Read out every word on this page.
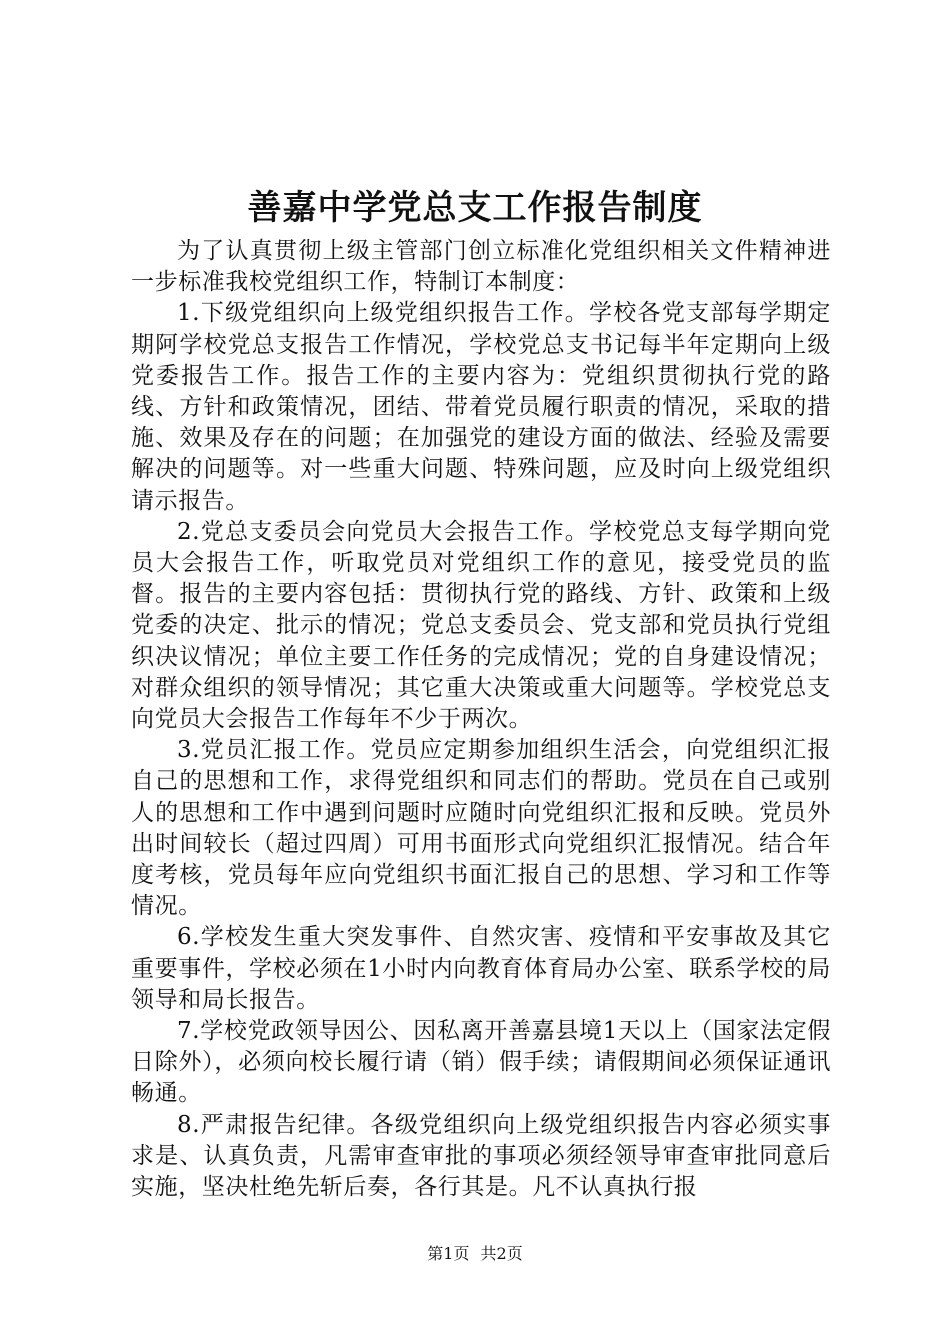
善嘉中学党总支工作报告制度

为了认真贯彻上级主管部门创立标准化党组织相关文件精神进一步标准我校党组织工作，特制订本制度：

1.下级党组织向上级党组织报告工作。学校各党支部每学期定期阿学校党总支报告工作情况，学校党总支书记每半年定期向上级党委报告工作。报告工作的主要内容为：党组织贯彻执行党的路线、方针和政策情况，团结、带着党员履行职责的情况，采取的措施、效果及存在的问题；在加强党的建设方面的做法、经验及需要解决的问题等。对一些重大问题、特殊问题，应及时向上级党组织请示报告。

2.党总支委员会向党员大会报告工作。学校党总支每学期向党员大会报告工作，听取党员对党组织工作的意见，接受党员的监督。报告的主要内容包括：贯彻执行党的路线、方针、政策和上级党委的决定、批示的情况；党总支委员会、党支部和党员执行党组织决议情况；单位主要工作任务的完成情况；党的自身建设情况；对群众组织的领导情况；其它重大决策或重大问题等。学校党总支向党员大会报告工作每年不少于两次。

3.党员汇报工作。党员应定期参加组织生活会，向党组织汇报自己的思想和工作，求得党组织和同志们的帮助。党员在自己或别人的思想和工作中遇到问题时应随时向党组织汇报和反映。党员外出时间较长（超过四周）可用书面形式向党组织汇报情况。结合年度考核，党员每年应向党组织书面汇报自己的思想、学习和工作等情况。

6.学校发生重大突发事件、自然灾害、疫情和平安事故及其它重要事件，学校必须在1小时内向教育体育局办公室、联系学校的局领导和局长报告。

7.学校党政领导因公、因私离开善嘉县境1天以上（国家法定假日除外），必须向校长履行请（销）假手续；请假期间必须保证通讯畅通。

8.严肃报告纪律。各级党组织向上级党组织报告内容必须实事求是、认真负责，凡需审查审批的事项必须经领导审查审批同意后实施，坚决杜绝先斩后奏，各行其是。凡不认真执行报

第1页 共2页
